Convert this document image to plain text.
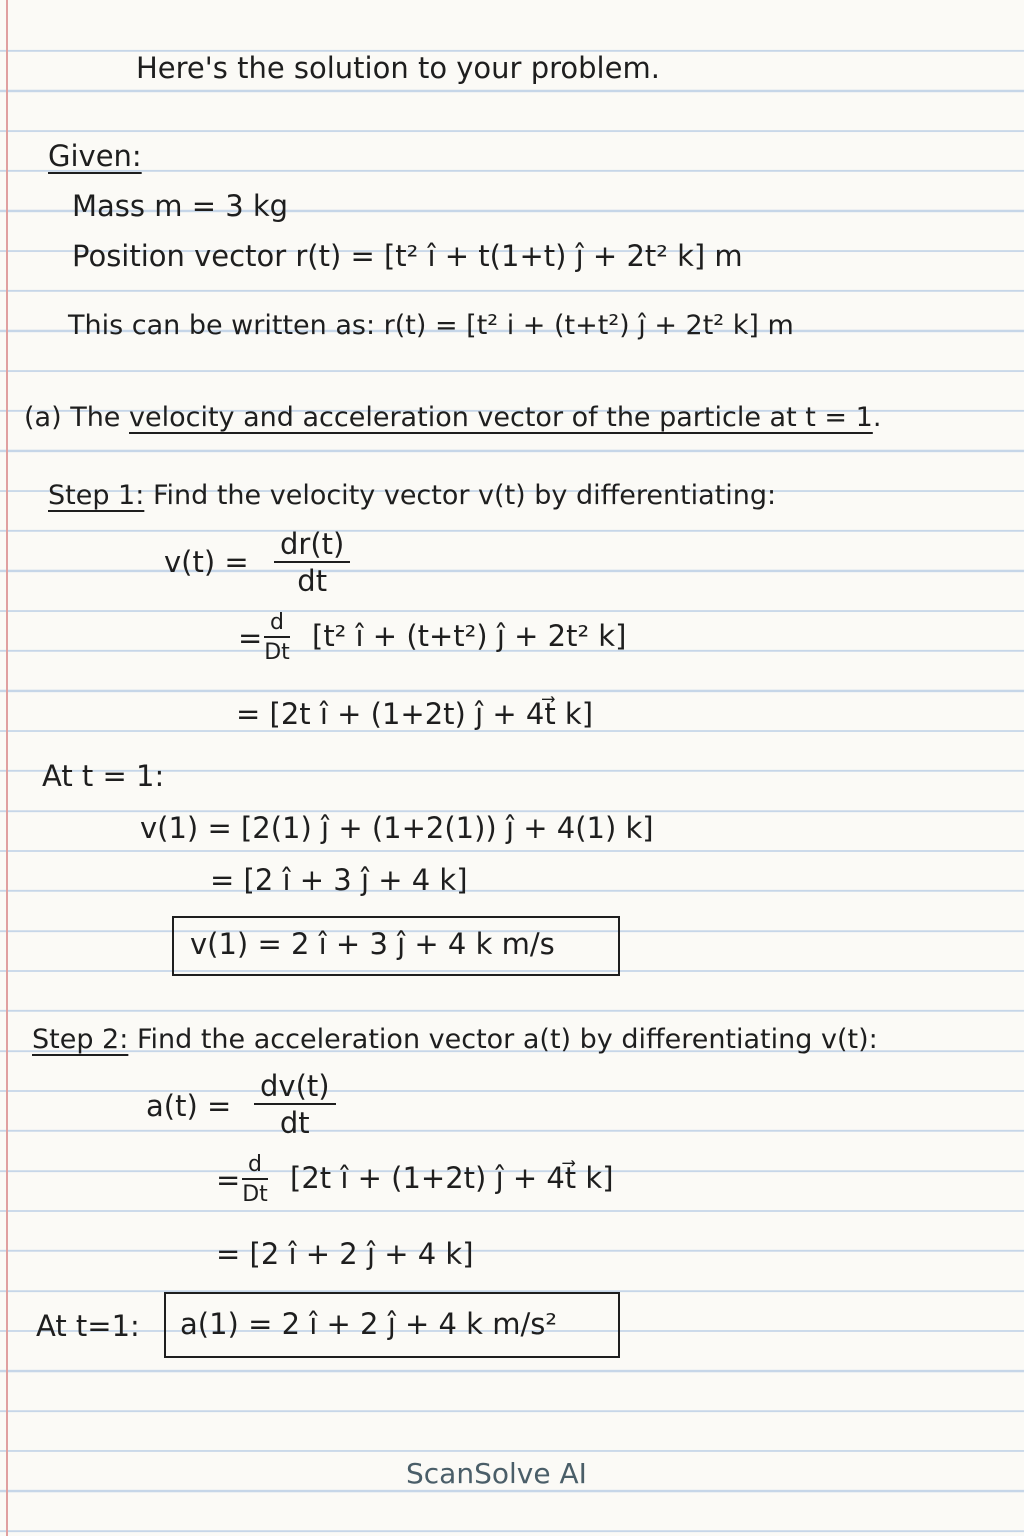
Here's the solution to your problem.
Given:
Mass m = 3 kg
Position vector r(t) = [t² î + t(1+t) ĵ + 2t² k] m
This can be written as: r(t) = [t² i + (t+t²) ĵ + 2t² k] m
(a) The velocity and acceleration vector of the particle at t = 1.
Step 1: Find the velocity vector v(t) by differentiating:
$v(t) = \frac{dr(t)}{dt}$
= $\frac{d}{Dt} [t^2$ î + (t+t²) ĵ + 2t² k]
= [2t î + (1+2t) ĵ + 4t⃗ k]
At t = 1:
v(1) = [2(1) ĵ + (1+2(1)) ĵ + 4(1) k]
= [2 î + 3 ĵ + 4 k]
v(1) = 2 î + 3 ĵ + 4 k m/s
Step 2: Find the acceleration vector a(t) by differentiating v(t):
$a(t) = \frac{dv(t)}{dt}$
= $\frac{d}{Dt} [2t$ î + (1+2t) ĵ + 4t⃗ k]
= [2 î + 2 ĵ + 4 k]
At t=1: a(1) = 2 î + 2 ĵ + 4 k m/s²
ScanSolve AI
